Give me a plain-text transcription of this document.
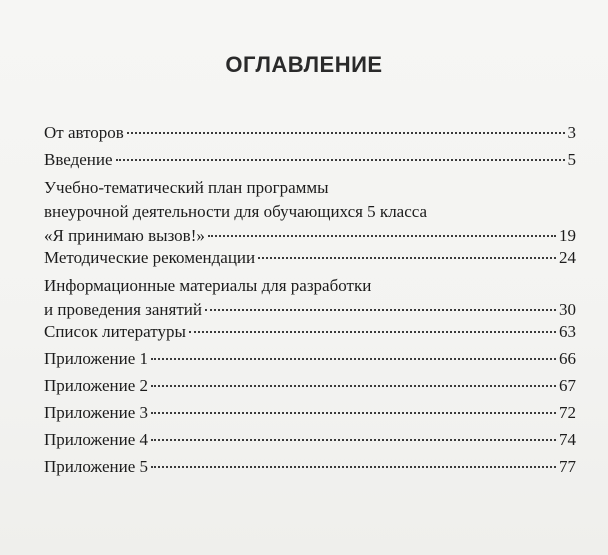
ОГЛАВЛЕНИЕ
От авторов	3
Введение	5
Учебно-тематический план программы
внеурочной деятельности для обучающихся 5 класса
«Я принимаю вызов!»	19
Методические рекомендации	24
Информационные материалы для разработки
и проведения занятий	30
Список литературы	63
Приложение 1	66
Приложение 2	67
Приложение 3	72
Приложение 4	74
Приложение 5	77
